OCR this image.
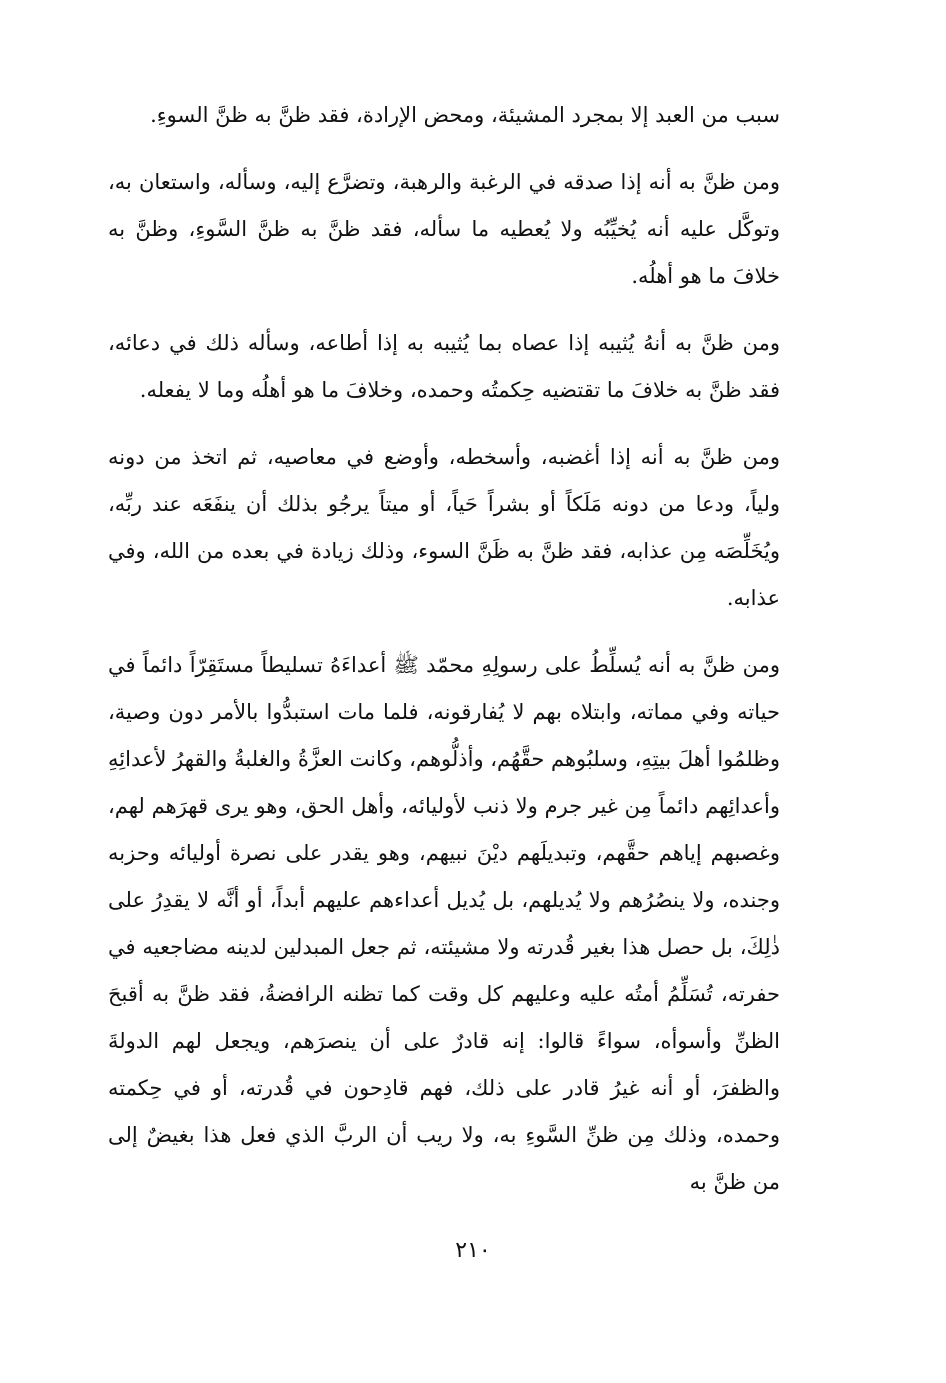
سبب من العبد إلا بمجرد المشيئة، ومحض الإرادة، فقد ظنَّ به ظنَّ السوءِ.

ومن ظنَّ به أنه إذا صدقه في الرغبة والرهبة، وتضرَّع إليه، وسأله، واستعان به، وتوكَّل عليه أنه يُخيِّبُه ولا يُعطيه ما سأله، فقد ظنَّ به ظنَّ السَّوءِ، وظنَّ به خلافَ ما هو أهلُه.

ومن ظنَّ به أنهُ يُثيبه إذا عصاه بما يُثيبه به إذا أطاعه، وسأله ذلك في دعائه، فقد ظنَّ به خلافَ ما تقتضيه حِكمتُه وحمده، وخلافَ ما هو أهلُه وما لا يفعله.

ومن ظنَّ به أنه إذا أغضبه، وأسخطه، وأوضع في معاصيه، ثم اتخذ من دونه ولياً، ودعا من دونه مَلَكاً أو بشراً حَياً، أو ميتاً يرجُو بذلك أن ينفَعَه عند ربِّه، ويُخَلِّصَه مِن عذابه، فقد ظنَّ به ظَنَّ السوء، وذلك زيادة في بعده من الله، وفي عذابه.

ومن ظنَّ به أنه يُسلِّطُ على رسولِهِ محمّد ﷺ أعداءَهُ تسليطاً مستَقِرّاً دائماً في حياته وفي مماته، وابتلاه بهم لا يُفارقونه، فلما مات استبدُّوا بالأمر دون وصية، وظلمُوا أهلَ بيتِهِ، وسلبُوهم حقَّهُم، وأذلُّوهم، وكانت العزَّةُ والغلبةُ والقهرُ لأعدائِهِ وأعدائِهم دائماً مِن غير جرم ولا ذنب لأوليائه، وأهل الحق، وهو يرى قهرَهم لهم، وغصبهم إياهم حقَّهم، وتبديلَهم ديْنَ نبيهم، وهو يقدر على نصرة أوليائه وحزبه وجنده، ولا ينصُرُهم ولا يُديلهم، بل يُديل أعداءهم عليهم أبداً، أو أنَّه لا يقدِرُ على ذٰلِكَ، بل حصل هذا بغير قُدرته ولا مشيئته، ثم جعل المبدلين لدينه مضاجعيه في حفرته، تُسَلِّمُ أمتُه عليه وعليهم كل وقت كما تظنه الرافضةُ، فقد ظنَّ به أقبحَ الظنِّ وأسوأه، سواءً قالوا: إنه قادرٌ على أن ينصرَهم، ويجعل لهم الدولةَ والظفرَ، أو أنه غيرُ قادر على ذلك، فهم قادِحون في قُدرته، أو في حِكمته وحمده، وذلك مِن ظنِّ السَّوءِ به، ولا ريب أن الربَّ الذي فعل هذا بغيضٌ إلى من ظنَّ به

٢١٠
